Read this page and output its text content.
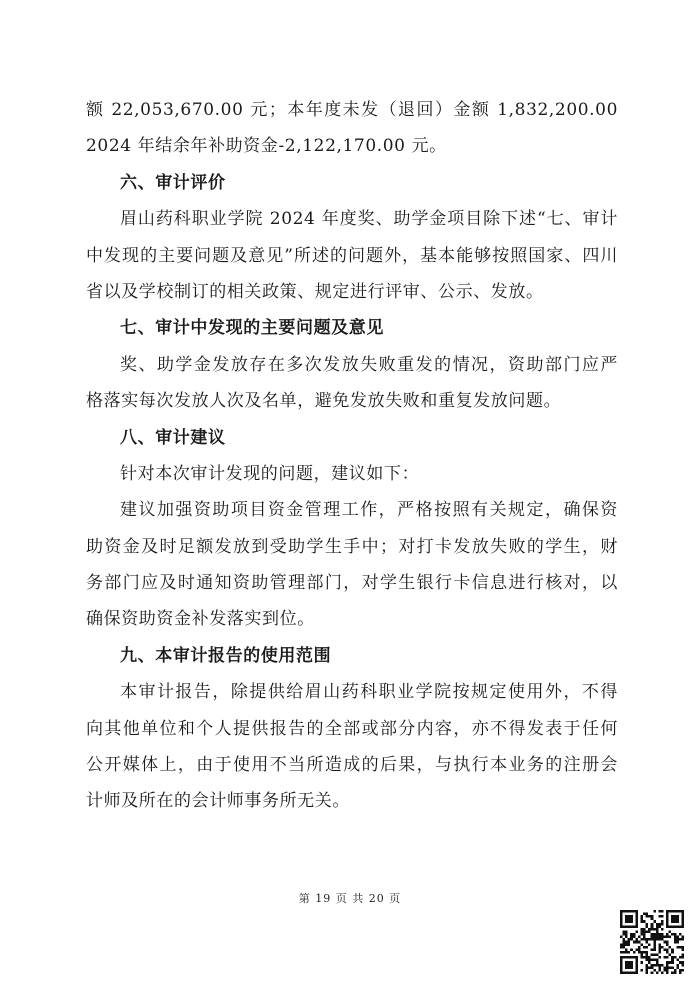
额 22,053,670.00 元；本年度未发（退回）金额 1,832,200.00
2024 年结余年补助资金-2,122,170.00 元。
六、审计评价
眉山药科职业学院 2024 年度奖、助学金项目除下述“七、审计
中发现的主要问题及意见”所述的问题外，基本能够按照国家、四川
省以及学校制订的相关政策、规定进行评审、公示、发放。
七、审计中发现的主要问题及意见
奖、助学金发放存在多次发放失败重发的情况，资助部门应严
格落实每次发放人次及名单，避免发放失败和重复发放问题。
八、审计建议
针对本次审计发现的问题，建议如下：
建议加强资助项目资金管理工作，严格按照有关规定，确保资
助资金及时足额发放到受助学生手中；对打卡发放失败的学生，财
务部门应及时通知资助管理部门，对学生银行卡信息进行核对，以
确保资助资金补发落实到位。
九、本审计报告的使用范围
本审计报告，除提供给眉山药科职业学院按规定使用外，不得
向其他单位和个人提供报告的全部或部分内容，亦不得发表于任何
公开媒体上，由于使用不当所造成的后果，与执行本业务的注册会
计师及所在的会计师事务所无关。
第 19 页 共 20 页
